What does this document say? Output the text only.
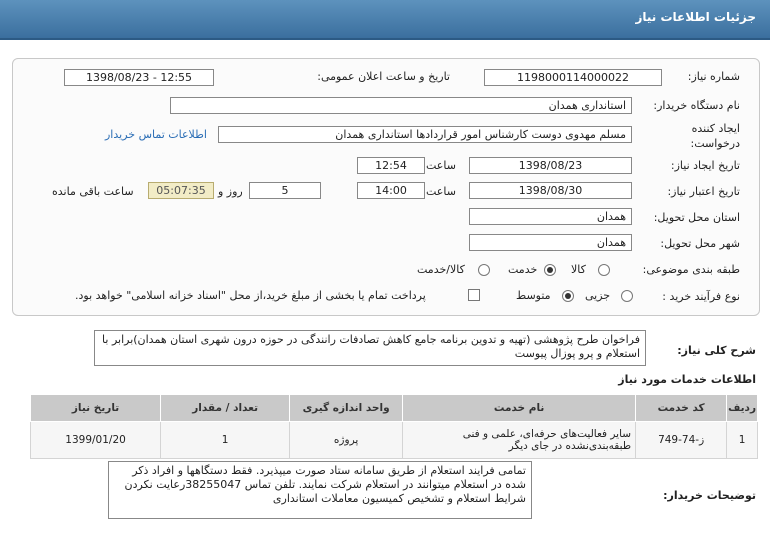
جزئیات اطلاعات نیاز
شماره نیاز:
1198000114000022
تاریخ و ساعت اعلان عمومی:
1398/08/23 - 12:55
نام دستگاه خریدار:
استانداری همدان
ایجاد کننده
درخواست:
مسلم مهدوی دوست کارشناس امور قراردادها استانداری همدان
اطلاعات تماس خریدار
تاریخ ایجاد نیاز:
1398/08/23
ساعت
12:54
تاریخ اعتبار نیاز:
1398/08/30
ساعت
14:00
5
روز و
05:07:35
ساعت باقی مانده
استان محل تحویل:
همدان
شهر محل تحویل:
همدان
طبقه بندی موضوعی:
کالا
خدمت
کالا/خدمت
نوع فرآیند خرید :
جزیی
متوسط
پرداخت تمام یا بخشی از مبلغ خرید،از محل "اسناد خزانه اسلامی" خواهد بود.
شرح کلی نیاز:
فراخوان طرح پژوهشی (تهیه و تدوین برنامه جامع کاهش تصادفات رانندگی در حوزه درون شهری استان همدان)برابر با استعلام و پرو پوزال پیوست
اطلاعات خدمات مورد نیاز
ردیف	کد خدمت	نام خدمت	واحد اندازه گیری	تعداد / مقدار	تاریخ نیاز
1	ز-74-749	سایر فعالیت‌های حرفه‌ای، علمی و فنی طبقه‌بندی‌نشده در جای دیگر	پروژه	1	1399/01/20
توضیحات خریدار:
تمامی فرایند استعلام از طریق سامانه ستاد صورت میپذیرد. فقط دستگاهها و افراد ذکر شده در استعلام میتوانند در استعلام شرکت نمایند. تلفن تماس 38255047رعایت نکردن شرایط استعلام و تشخیص کمیسیون معاملات استانداری
